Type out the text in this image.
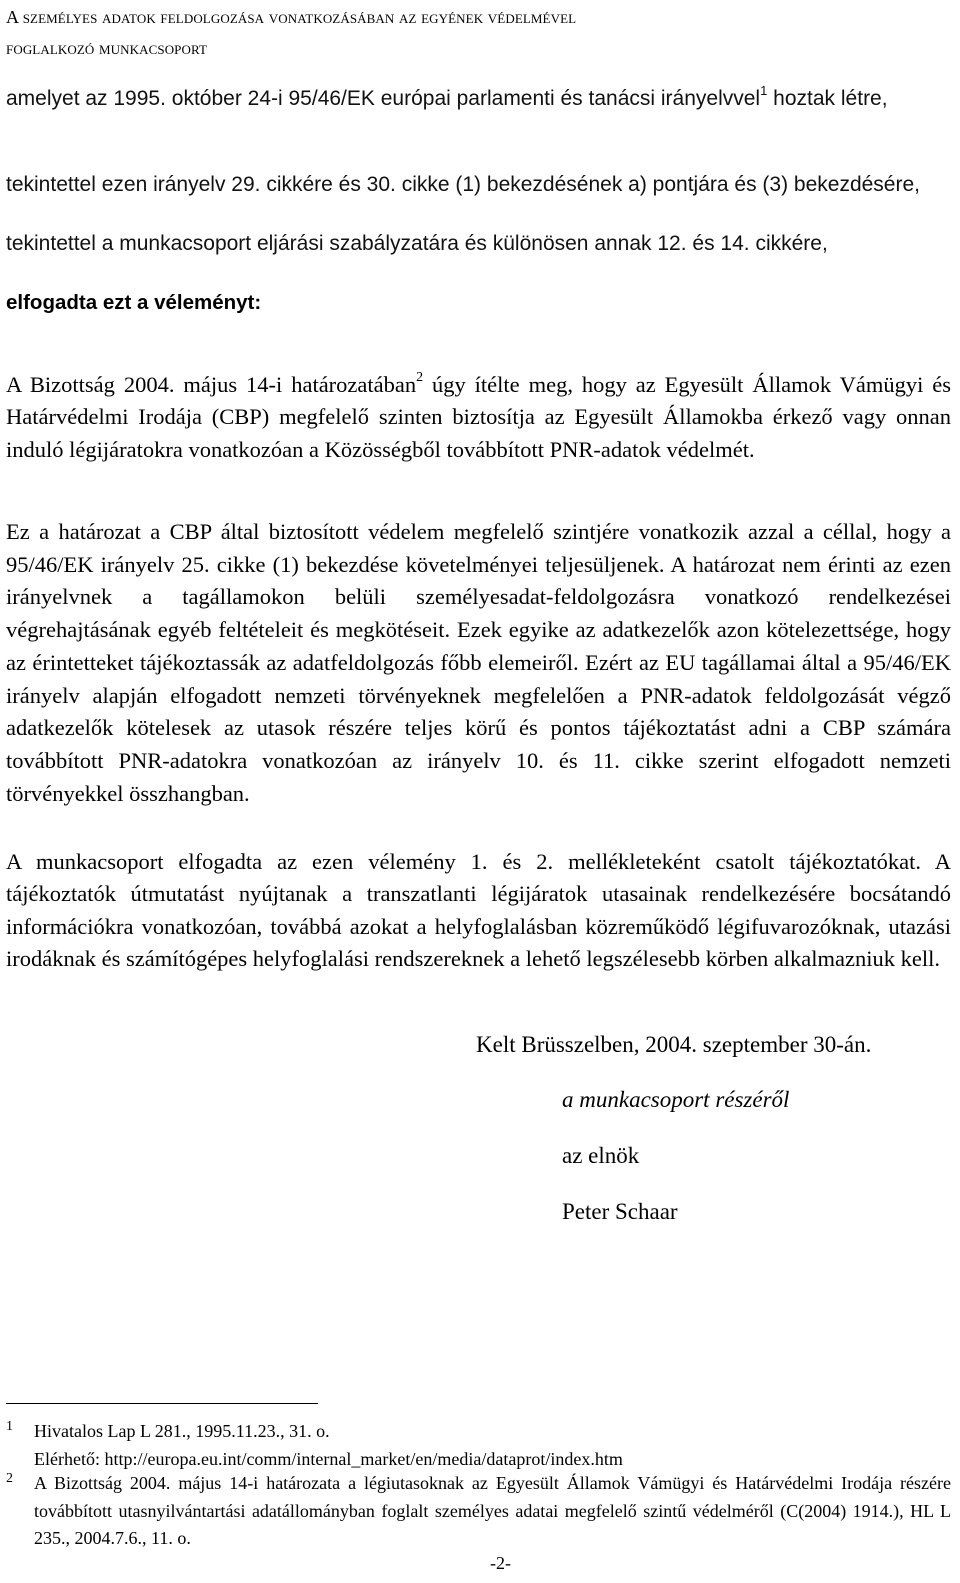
A személyes adatok feldolgozása vonatkozásában az egyének védelmével
foglalkozó munkacsoport
amelyet az 1995. október 24-i 95/46/EK európai parlamenti és tanácsi irányelvvel$^1$ hoztak létre,
tekintettel ezen irányelv 29. cikkére és 30. cikke (1) bekezdésének a) pontjára és (3) bekezdésére,
tekintettel a munkacsoport eljárási szabályzatára és különösen annak 12. és 14. cikkére,
elfogadta ezt a véleményt:
A Bizottság 2004. május 14-i határozatában$^2$ úgy ítélte meg, hogy az Egyesült Államok Vámügyi és Határvédelmi Irodája (CBP) megfelelő szinten biztosítja az Egyesült Államokba érkező vagy onnan induló légijáratokra vonatkozóan a Közösségből továbbított PNR-adatok védelmét.
Ez a határozat a CBP által biztosított védelem megfelelő szintjére vonatkozik azzal a céllal, hogy a 95/46/EK irányelv 25. cikke (1) bekezdése követelményei teljesüljenek. A határozat nem érinti az ezen irányelvnek a tagállamokon belüli személyesadat-feldolgozásra vonatkozó rendelkezései végrehajtásának egyéb feltételeit és megkötéseit. Ezek egyike az adatkezelők azon kötelezettsége, hogy az érintetteket tájékoztassák az adatfeldolgozás főbb elemeiről. Ezért az EU tagállamai által a 95/46/EK irányelv alapján elfogadott nemzeti törvényeknek megfelelően a PNR-adatok feldolgozását végző adatkezelők kötelesek az utasok részére teljes körű és pontos tájékoztatást adni a CBP számára továbbított PNR-adatokra vonatkozóan az irányelv 10. és 11. cikke szerint elfogadott nemzeti törvényekkel összhangban.
A munkacsoport elfogadta az ezen vélemény 1. és 2. mellékleteként csatolt tájékoztatókat. A tájékoztatók útmutatást nyújtanak a transzatlanti légijáratok utasainak rendelkezésére bocsátandó információkra vonatkozóan, továbbá azokat a helyfoglalásban közreműködő légifuvarozóknak, utazási irodáknak és számítógépes helyfoglalási rendszereknek a lehető legszélesebb körben alkalmazniuk kell.
Kelt Brüsszelben, 2004. szeptember 30-án.
a munkacsoport részéről
az elnök
Peter Schaar
1 Hivatalos Lap L 281., 1995.11.23., 31. o.
Elérhető: http://europa.eu.int/comm/internal_market/en/media/dataprot/index.htm
2 A Bizottság 2004. május 14-i határozata a légiutasoknak az Egyesült Államok Vámügyi és Határvédelmi Irodája részére továbbított utasnyilvántartási adatállományban foglalt személyes adatai megfelelő szintű védelméről (C(2004) 1914.), HL L 235., 2004.7.6., 11. o.
-2-
